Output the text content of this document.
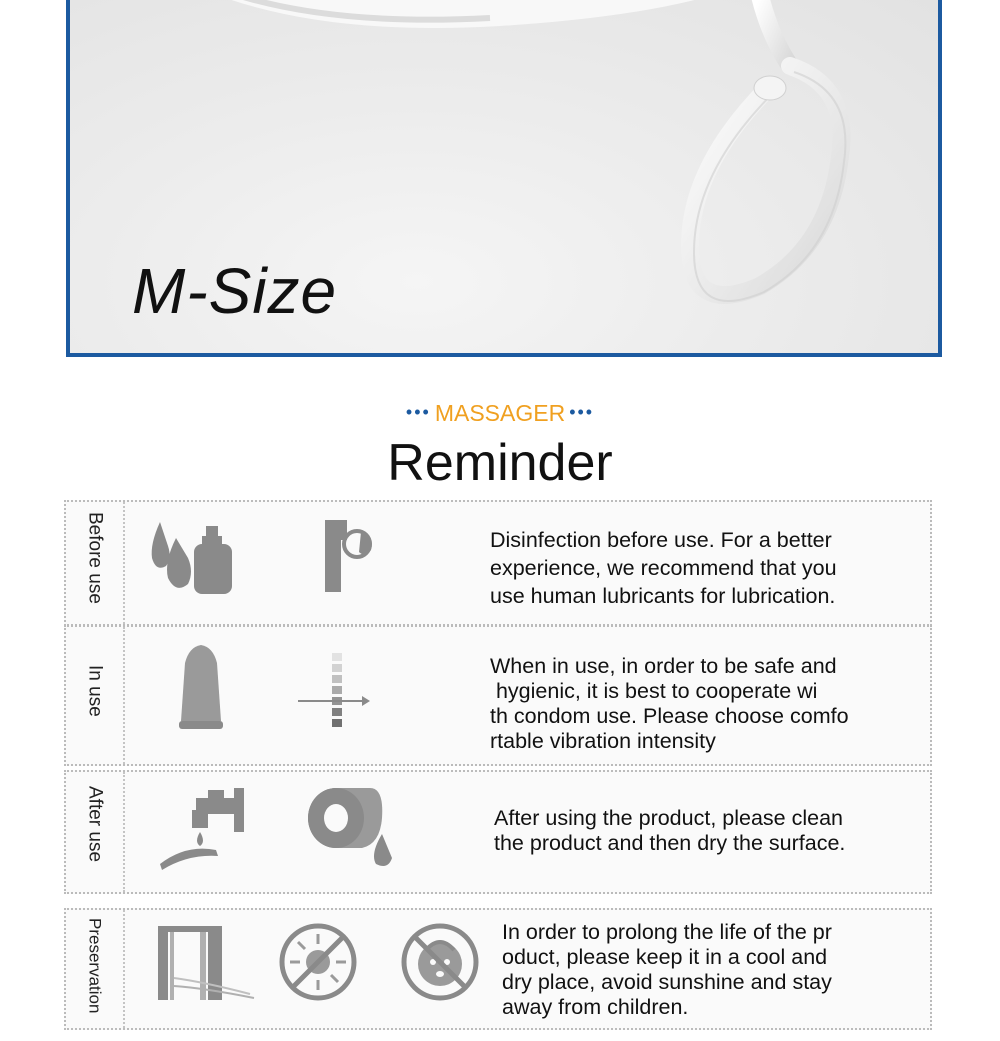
M-Size
••• MASSAGER •••
Reminder
Before use	Disinfection before use. For a better
experience, we recommend that you
use human lubricants for lubrication.
In use	When in use, in order to be safe and
hygienic, it is best to cooperate wi
th condom use. Please choose comfo
rtable vibration intensity
After use	After using the product, please clean
the product and then dry the surface.
Preservation	In order to prolong the life of the pr
oduct, please keep it in a cool and
dry place, avoid sunshine and stay
away from children.
